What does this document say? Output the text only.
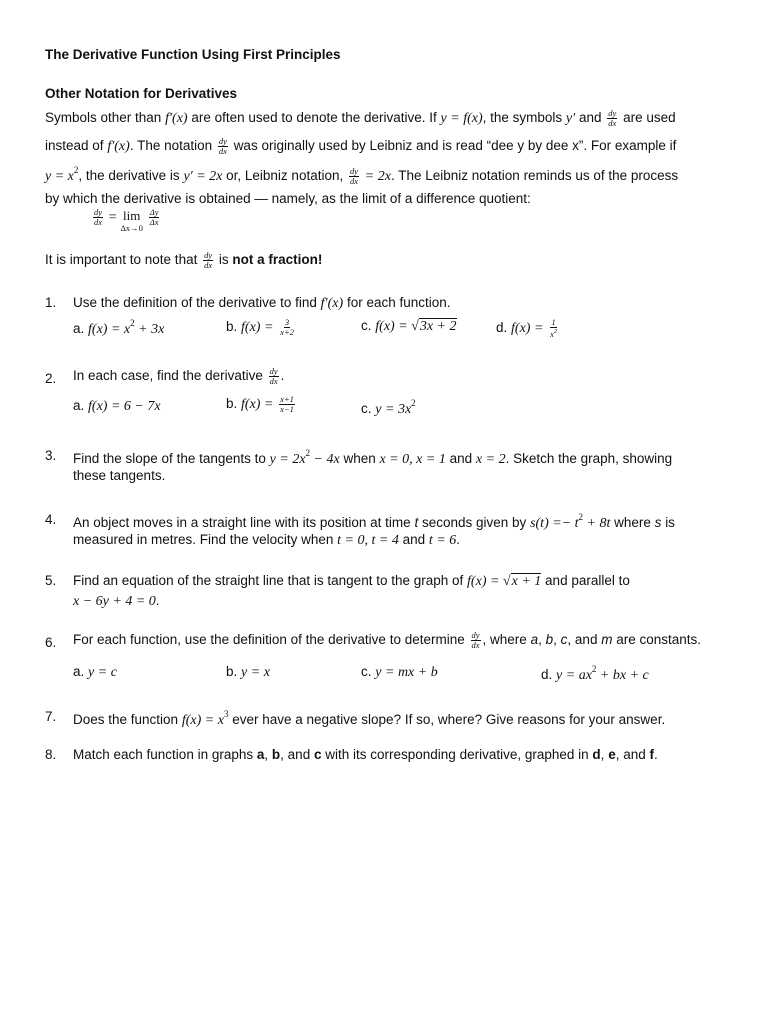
The Derivative Function Using First Principles
Other Notation for Derivatives
Symbols other than f′(x) are often used to denote the derivative. If y = f(x), the symbols y′ and $\frac{dy}{dx}$ are used
instead of f′(x). The notation $\frac{dy}{dx}$ was originally used by Leibniz and is read “dee y by dee x”. For example if
$y = x^2$, the derivative is y′ = 2x or, Leibniz notation, $\frac{dy}{dx} = 2x$. The Leibniz notation reminds us of the process
by which the derivative is obtained — namely, as the limit of a difference quotient:
$\frac{dy}{dx} = \lim$
Δx→0

$\frac{\Delta y}{\Delta x}$
It is important to note that $\frac{dy}{dx}$ is not a fraction!
1. Use the definition of the derivative to find f′(x) for each function.
a. $f(x) = x^2 + 3x$	b. $f(x) = \frac{3}{x+2}$	c. f(x) = √3x + 2	d. $f(x) = \frac{1}{x^2}$
2. In each case, find the derivative $\frac{dy}{dx}$ .
a. f(x) = 6 − 7x	b. $f(x) = \frac{x+1}{x-1}$	c. $y = 3x^2$
3. Find the slope of the tangents to $y = 2x^2 - 4x$ when x = 0, x = 1 and x = 2. Sketch the graph, showing
these tangents.
4. An object moves in a straight line with its position at time t seconds given by $s(t) =- t^2 + 8t$ where s is
measured in metres. Find the velocity when t = 0, t = 4 and t = 6.
5. Find an equation of the straight line that is tangent to the graph of f(x) = √x + 1 and parallel to
x − 6y + 4 = 0.
6. For each function, use the definition of the derivative to determine $\frac{dy}{dx}$ , where a, b, c, and m are constants.
a. y = c	b. y = x	c. y = mx + b	d. $y = ax^2$ + bx + c
7. Does the function $f(x) = x^3$ ever have a negative slope? If so, where? Give reasons for your answer.
8. Match each function in graphs a, b, and c with its corresponding derivative, graphed in d, e, and f.
